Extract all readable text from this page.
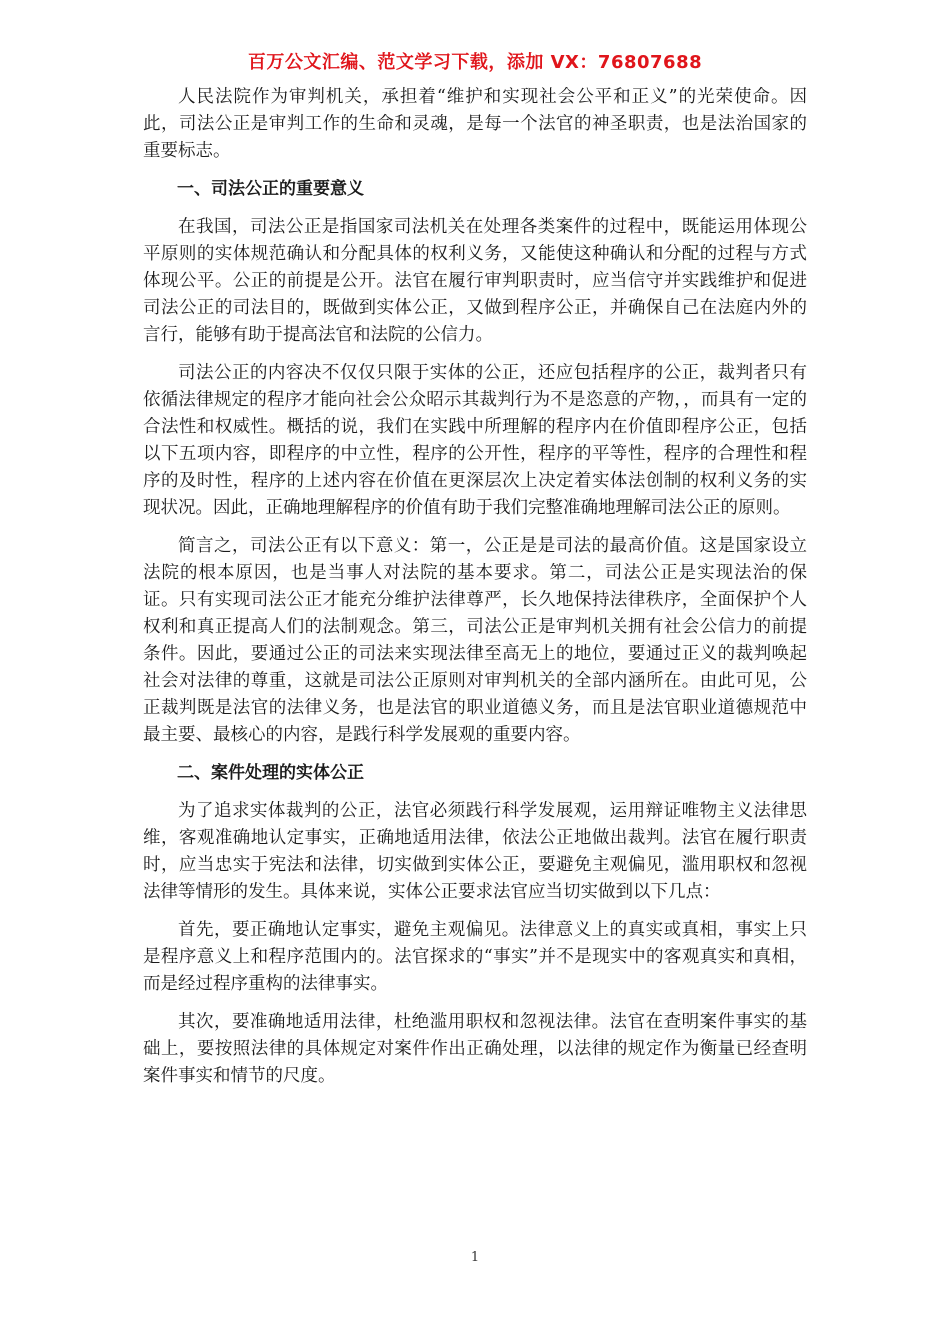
百万公文汇编、范文学习下载，添加 VX：76807688

人民法院作为审判机关，承担着“维护和实现社会公平和正义”的光荣使命。因此，司法公正是审判工作的生命和灵魂，是每一个法官的神圣职责，也是法治国家的重要标志。

一、司法公正的重要意义

在我国，司法公正是指国家司法机关在处理各类案件的过程中，既能运用体现公平原则的实体规范确认和分配具体的权利义务，又能使这种确认和分配的过程与方式体现公平。公正的前提是公开。法官在履行审判职责时，应当信守并实践维护和促进司法公正的司法目的，既做到实体公正，又做到程序公正，并确保自己在法庭内外的言行，能够有助于提高法官和法院的公信力。

司法公正的内容决不仅仅只限于实体的公正，还应包括程序的公正，裁判者只有依循法律规定的程序才能向社会公众昭示其裁判行为不是恣意的产物，，而具有一定的合法性和权威性。概括的说，我们在实践中所理解的程序内在价值即程序公正，包括以下五项内容，即程序的中立性，程序的公开性，程序的平等性，程序的合理性和程序的及时性，程序的上述内容在价值在更深层次上决定着实体法创制的权利义务的实现状况。因此，正确地理解程序的价值有助于我们完整准确地理解司法公正的原则。

简言之，司法公正有以下意义：第一，公正是是司法的最高价值。这是国家设立法院的根本原因，也是当事人对法院的基本要求。第二，司法公正是实现法治的保证。只有实现司法公正才能充分维护法律尊严，长久地保持法律秩序，全面保护个人权利和真正提高人们的法制观念。第三，司法公正是审判机关拥有社会公信力的前提条件。因此，要通过公正的司法来实现法律至高无上的地位，要通过正义的裁判唤起社会对法律的尊重，这就是司法公正原则对审判机关的全部内涵所在。由此可见，公正裁判既是法官的法律义务，也是法官的职业道德义务，而且是法官职业道德规范中最主要、最核心的内容，是践行科学发展观的重要内容。

二、案件处理的实体公正

为了追求实体裁判的公正，法官必须践行科学发展观，运用辩证唯物主义法律思维，客观准确地认定事实，正确地适用法律，依法公正地做出裁判。法官在履行职责时，应当忠实于宪法和法律，切实做到实体公正，要避免主观偏见，滥用职权和忽视法律等情形的发生。具体来说，实体公正要求法官应当切实做到以下几点：

首先，要正确地认定事实，避免主观偏见。法律意义上的真实或真相，事实上只是程序意义上和程序范围内的。法官探求的“事实”并不是现实中的客观真实和真相，而是经过程序重构的法律事实。

其次，要准确地适用法律，杜绝滥用职权和忽视法律。法官在查明案件事实的基础上，要按照法律的具体规定对案件作出正确处理，以法律的规定作为衡量已经查明案件事实和情节的尺度。

1
